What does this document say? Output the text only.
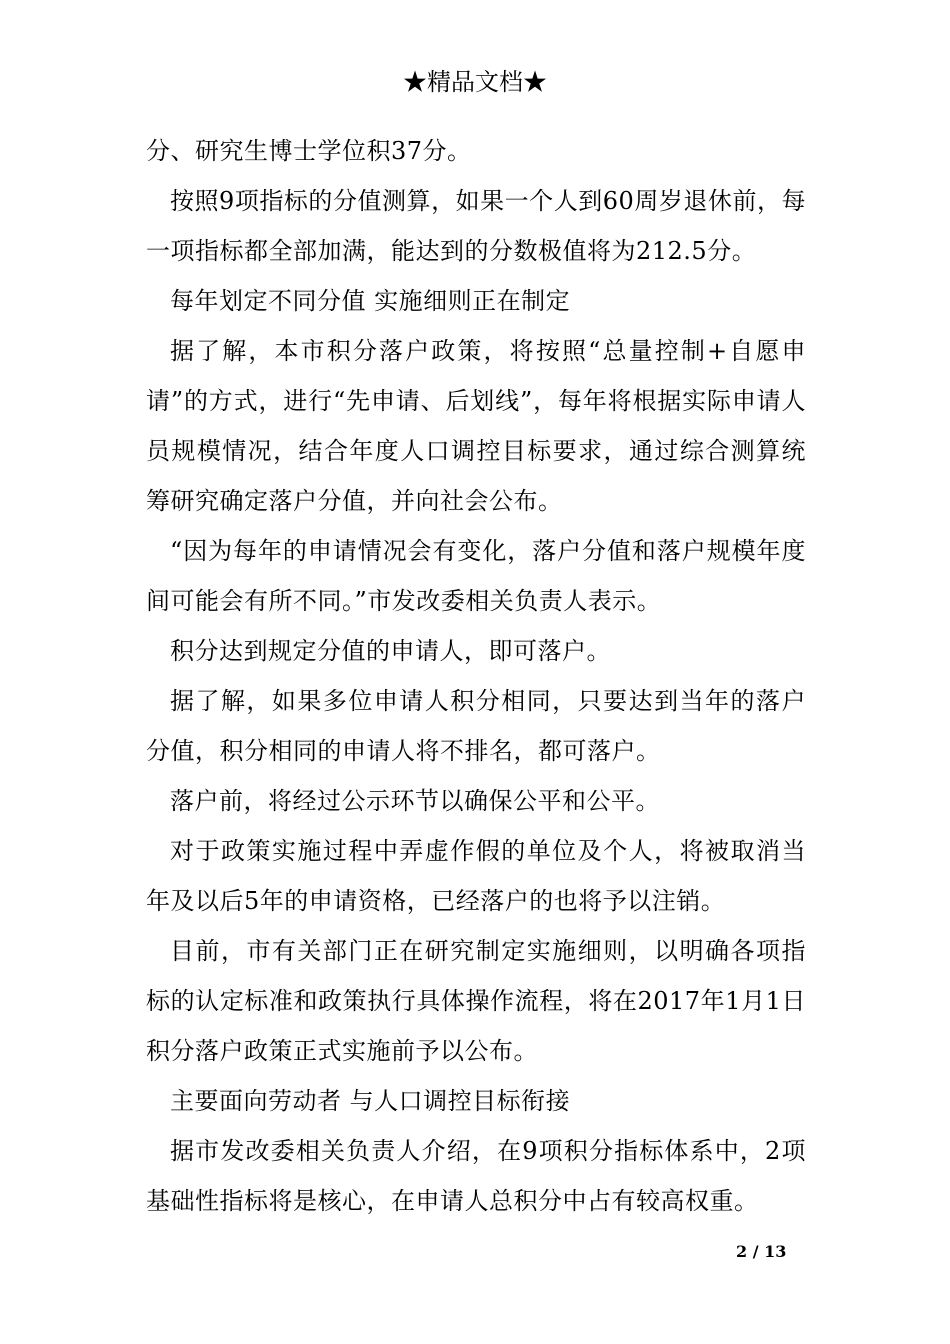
★精品文档★

分、研究生博士学位积37分。

按照9项指标的分值测算，如果一个人到60周岁退休前，每一项指标都全部加满，能达到的分数极值将为212.5分。

每年划定不同分值 实施细则正在制定

据了解，本市积分落户政策，将按照“总量控制+自愿申请”的方式，进行“先申请、后划线”，每年将根据实际申请人员规模情况，结合年度人口调控目标要求，通过综合测算统筹研究确定落户分值，并向社会公布。

“因为每年的申请情况会有变化，落户分值和落户规模年度间可能会有所不同。”市发改委相关负责人表示。

积分达到规定分值的申请人，即可落户。

据了解，如果多位申请人积分相同，只要达到当年的落户分值，积分相同的申请人将不排名，都可落户。

落户前，将经过公示环节以确保公平和公平。

对于政策实施过程中弄虚作假的单位及个人，将被取消当年及以后5年的申请资格，已经落户的也将予以注销。

目前，市有关部门正在研究制定实施细则，以明确各项指标的认定标准和政策执行具体操作流程，将在2017年1月1日积分落户政策正式实施前予以公布。

主要面向劳动者 与人口调控目标衔接

据市发改委相关负责人介绍，在9项积分指标体系中，2项基础性指标将是核心，在申请人总积分中占有较高权重。

2 / 13
